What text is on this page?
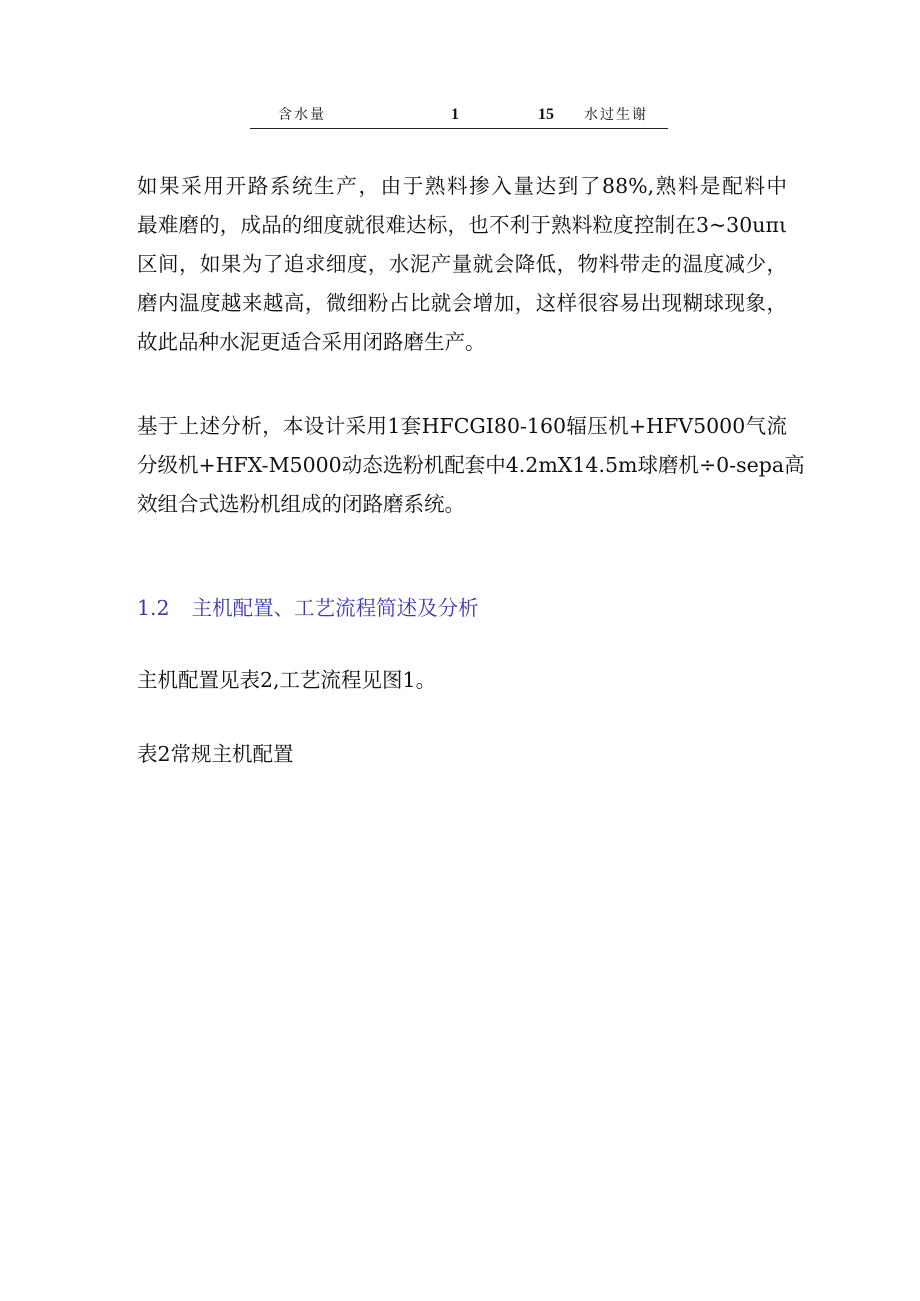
含水量	1	15 水过生谢
如果采用开路系统生产，由于熟料掺入量达到了88%,熟料是配料中
最难磨的，成品的细度就很难达标，也不利于熟料粒度控制在3~30uπι
区间，如果为了追求细度，水泥产量就会降低，物料带走的温度减少，
磨内温度越来越高，微细粉占比就会增加，这样很容易出现糊球现象，
故此品种水泥更适合采用闭路磨生产。
基于上述分析，本设计采用1套HFCGI80-160辐压机+HFV5000气流
分级机+HFX-M5000动态选粉机配套中4.2mX14.5m球磨机÷0-sepa高
效组合式选粉机组成的闭路磨系统。
1.2 主机配置、工艺流程简述及分析
主机配置见表2,工艺流程见图1。
表2常规主机配置
